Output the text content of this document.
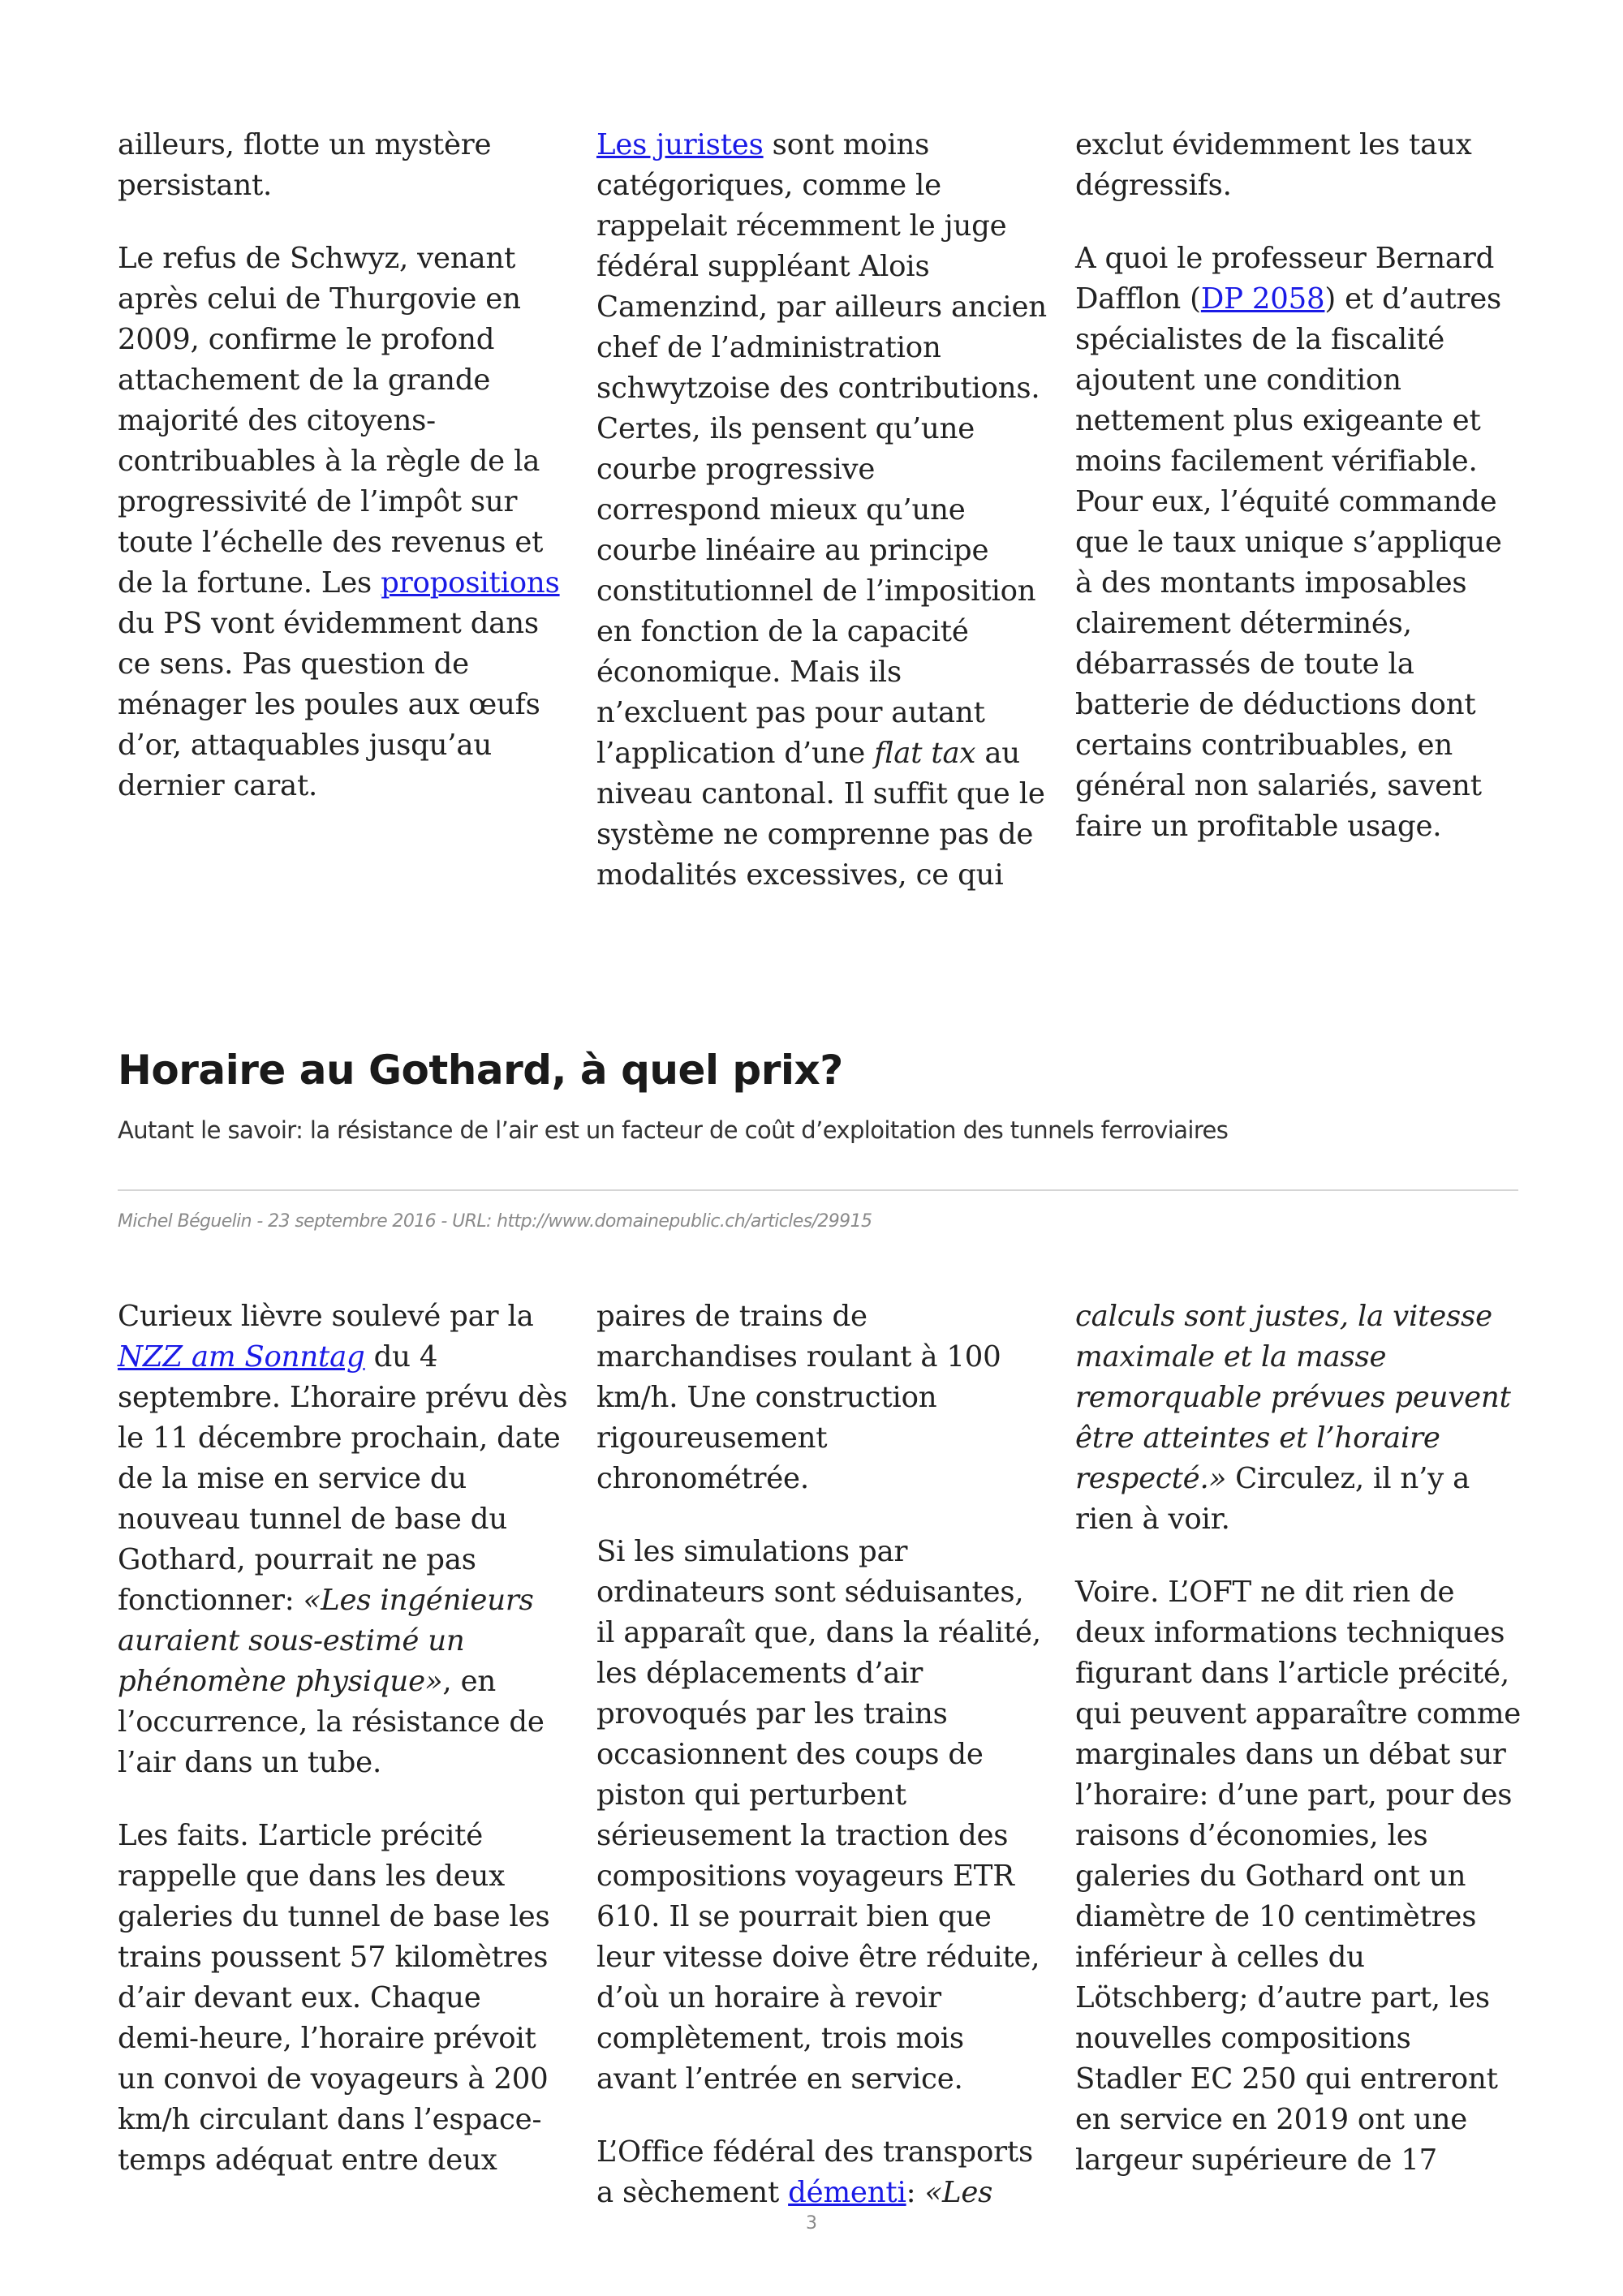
ailleurs, flotte un mystère persistant.

Le refus de Schwyz, venant après celui de Thurgovie en 2009, confirme le profond attachement de la grande majorité des citoyens-contribuables à la règle de la progressivité de l’impôt sur toute l’échelle des revenus et de la fortune. Les propositions du PS vont évidemment dans ce sens. Pas question de ménager les poules aux œufs d’or, attaquables jusqu’au dernier carat.

Les juristes sont moins catégoriques, comme le rappelait récemment le juge fédéral suppléant Alois Camenzind, par ailleurs ancien chef de l’administration schwytzoise des contributions. Certes, ils pensent qu’une courbe progressive correspond mieux qu’une courbe linéaire au principe constitutionnel de l’imposition en fonction de la capacité économique. Mais ils n’excluent pas pour autant l’application d’une flat tax au niveau cantonal. Il suffit que le système ne comprenne pas de modalités excessives, ce qui

exclut évidemment les taux dégressifs.

A quoi le professeur Bernard Dafflon (DP 2058) et d’autres spécialistes de la fiscalité ajoutent une condition nettement plus exigeante et moins facilement vérifiable. Pour eux, l’équité commande que le taux unique s’applique à des montants imposables clairement déterminés, débarrassés de toute la batterie de déductions dont certains contribuables, en général non salariés, savent faire un profitable usage.

Horaire au Gothard, à quel prix?
Autant le savoir: la résistance de l’air est un facteur de coût d’exploitation des tunnels ferroviaires
Michel Béguelin - 23 septembre 2016 - URL: http://www.domainepublic.ch/articles/29915

Curieux lièvre soulevé par la NZZ am Sonntag du 4 septembre. L’horaire prévu dès le 11 décembre prochain, date de la mise en service du nouveau tunnel de base du Gothard, pourrait ne pas fonctionner: «Les ingénieurs auraient sous-estimé un phénomène physique», en l’occurrence, la résistance de l’air dans un tube.

Les faits. L’article précité rappelle que dans les deux galeries du tunnel de base les trains poussent 57 kilomètres d’air devant eux. Chaque demi-heure, l’horaire prévoit un convoi de voyageurs à 200 km/h circulant dans l’espace-temps adéquat entre deux

paires de trains de marchandises roulant à 100 km/h. Une construction rigoureusement chronométrée.

Si les simulations par ordinateurs sont séduisantes, il apparaît que, dans la réalité, les déplacements d’air provoqués par les trains occasionnent des coups de piston qui perturbent sérieusement la traction des compositions voyageurs ETR 610. Il se pourrait bien que leur vitesse doive être réduite, d’où un horaire à revoir complètement, trois mois avant l’entrée en service.

L’Office fédéral des transports a sèchement démenti: «Les

calculs sont justes, la vitesse maximale et la masse remorquable prévues peuvent être atteintes et l’horaire respecté.» Circulez, il n’y a rien à voir.

Voire. L’OFT ne dit rien de deux informations techniques figurant dans l’article précité, qui peuvent apparaître comme marginales dans un débat sur l’horaire: d’une part, pour des raisons d’économies, les galeries du Gothard ont un diamètre de 10 centimètres inférieur à celles du Lötschberg; d’autre part, les nouvelles compositions Stadler EC 250 qui entreront en service en 2019 ont une largeur supérieure de 17

3
